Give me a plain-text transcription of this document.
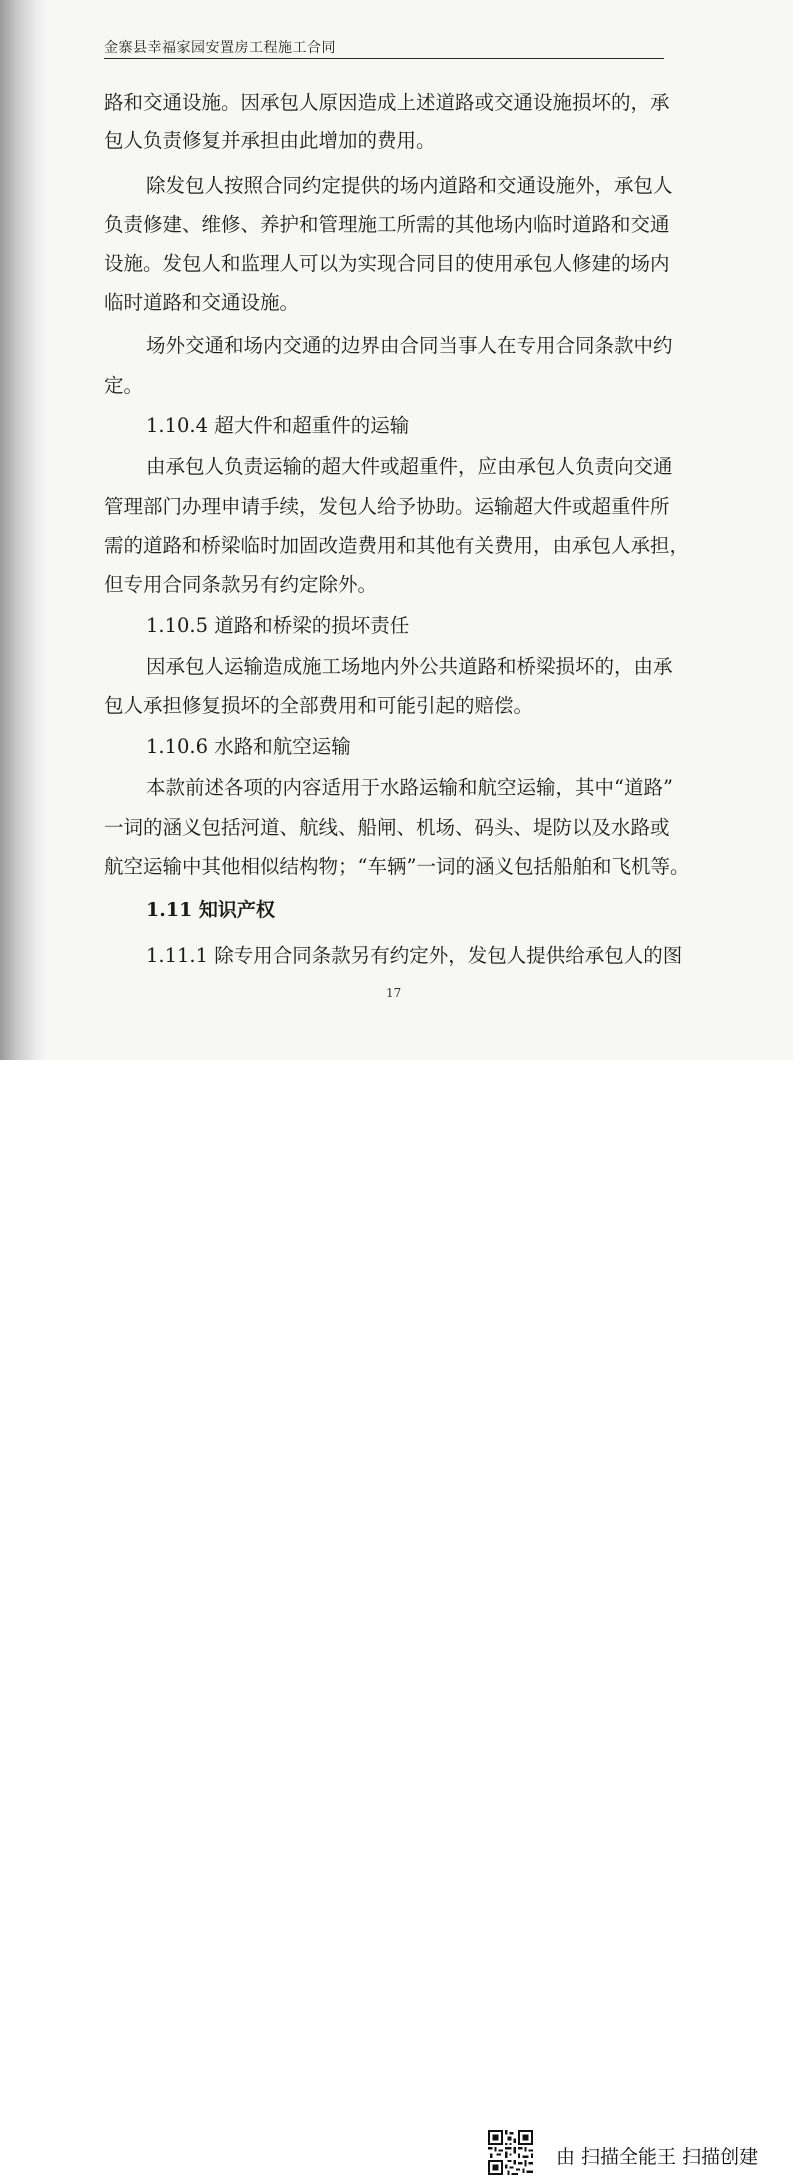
金寨县幸福家园安置房工程施工合同
路和交通设施。因承包人原因造成上述道路或交通设施损坏的，承
包人负责修复并承担由此增加的费用。
除发包人按照合同约定提供的场内道路和交通设施外，承包人
负责修建、维修、养护和管理施工所需的其他场内临时道路和交通
设施。发包人和监理人可以为实现合同目的使用承包人修建的场内
临时道路和交通设施。
场外交通和场内交通的边界由合同当事人在专用合同条款中约
定。
1.10.4 超大件和超重件的运输
由承包人负责运输的超大件或超重件，应由承包人负责向交通
管理部门办理申请手续，发包人给予协助。运输超大件或超重件所
需的道路和桥梁临时加固改造费用和其他有关费用，由承包人承担，
但专用合同条款另有约定除外。
1.10.5 道路和桥梁的损坏责任
因承包人运输造成施工场地内外公共道路和桥梁损坏的，由承
包人承担修复损坏的全部费用和可能引起的赔偿。
1.10.6 水路和航空运输
本款前述各项的内容适用于水路运输和航空运输，其中“道路”
一词的涵义包括河道、航线、船闸、机场、码头、堤防以及水路或
航空运输中其他相似结构物；“车辆”一词的涵义包括船舶和飞机等。
1.11 知识产权
1.11.1 除专用合同条款另有约定外，发包人提供给承包人的图
17
由 扫描全能王 扫描创建
